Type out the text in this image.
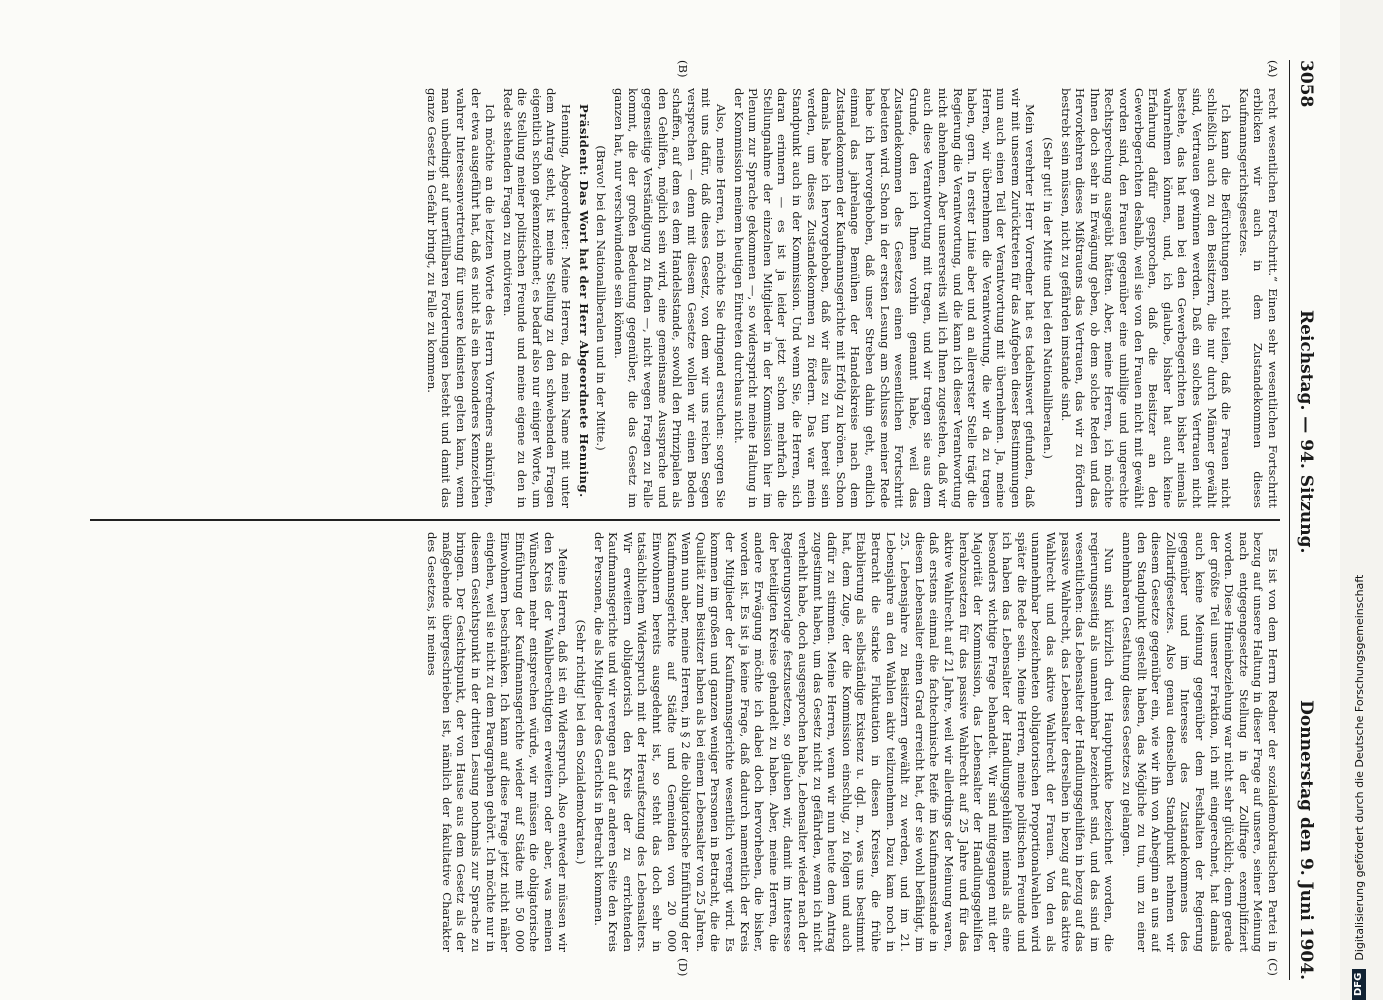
3058
Reichstag. — 94. Sitzung.
Donnerstag den 9. Juni 1904.
(A)
(B)
(C)
(D)

recht wesentlichen Fortschritt.“ Einen sehr wesentlichen Fortschritt erblicken wir auch in dem Zustandekommen dieses Kaufmannsgerichtsgesetzes.

Ich kann die Befürchtungen nicht teilen, daß die Frauen nicht schließlich auch zu den Beisitzern, die nur durch Männer gewählt sind, Vertrauen gewinnen werden. Daß ein solches Vertrauen nicht bestehe, das hat man bei den Gewerbegerichten bisher niemals wahrnehmen können, und, ich glaube, bisher hat auch keine Erfahrung dafür gesprochen, daß die Beisitzer an den Gewerbegerichten deshalb, weil sie von den Frauen nicht mit gewählt worden sind, den Frauen gegenüber eine unbillige und ungerechte Rechtsprechung ausgeübt hätten. Aber, meine Herren, ich möchte Ihnen doch sehr in Erwägung geben, ob dem solche Reden und das Hervorkehren dieses Mißtrauens das Vertrauen, das wir zu fördern bestrebt sein müssen, nicht zu gefährden imstande sind.

(Sehr gut! in der Mitte und bei den Nationalliberalen.)

Mein verehrter Herr Vorredner hat es tadelnswert gefunden, daß wir mit unserem Zurücktreten für das Aufgeben dieser Bestimmungen nun auch einen Teil der Verantwortung mit übernehmen. Ja, meine Herren, wir übernehmen die Verantwortung, die wir da zu tragen haben, gern. In erster Linie aber und an allererster Stelle trägt die Regierung die Verantwortung, und die kann ich dieser Verantwortung nicht abnehmen. Aber unsererseits will ich Ihnen zugestehen, daß wir auch diese Verantwortung mit tragen, und wir tragen sie aus dem Grunde, den ich Ihnen vorhin genannt habe, weil das Zustandekommen des Gesetzes einen wesentlichen Fortschritt bedeuten wird. Schon in der ersten Lesung am Schlusse meiner Rede habe ich hervorgehoben, daß unser Streben dahin geht, endlich einmal das jahrelange Bemühen der Handelskreise nach dem Zustandekommen der Kaufmannsgerichte mit Erfolg zu krönen. Schon damals habe ich hervorgehoben, daß wir alles zu tun bereit sein werden, um dieses Zustandekommen zu fördern. Das war mein Standpunkt auch in der Kommission. Und wenn Sie, die Herren, sich daran erinnern — es ist ja leider jetzt schon mehrfach die Stellungnahme der einzelnen Mitglieder in der Kommission hier im Plenum zur Sprache gekommen —, so widerspricht meine Haltung in der Kommission meinem heutigen Eintreten durchaus nicht.

Also, meine Herren, ich möchte Sie dringend ersuchen: sorgen Sie mit uns dafür, daß dieses Gesetz, von dem wir uns reichen Segen versprechen — denn mit diesem Gesetze wollen wir einen Boden schaffen, auf dem es dem Handelsstande, sowohl den Prinzipalen als den Gehilfen, möglich sein wird, eine gemeinsame Aussprache und gegenseitige Verständigung zu finden —, nicht wegen Fragen zu Falle kommt, die der großen Bedeutung gegenüber, die das Gesetz im ganzen hat, nur verschwindende sein können.

(Bravo! bei den Nationalliberalen und in der Mitte.)

Präsident: Das Wort hat der Herr Abgeordnete Henning.

Henning, Abgeordneter: Meine Herren, da mein Name mit unter dem Antrag steht, ist meine Stellung zu den schwebenden Fragen eigentlich schon gekennzeichnet; es bedarf also nur einiger Worte, um die Stellung meiner politischen Freunde und meine eigene zu den in Rede stehenden Fragen zu motivieren.

Ich möchte an die letzten Worte des Herrn Vorredners anknüpfen, der etwa ausgeführt hat, daß es nicht als ein besonderes Kennzeichen wahrer Interessenvertretung für unsere kleinsten gelten kann, wenn man unbedingt auf unerfüllbaren Forderungen besteht und damit das ganze Gesetz in Gefahr bringt, zu Falle zu kommen.

Es ist von dem Herrn Redner der sozialdemokratischen Partei in bezug auf unsere Haltung in dieser Frage auf unsere, seiner Meinung nach entgegengesetzte Stellung in der Zollfrage exemplifiziert worden. Diese Hineinbeziehung war nicht sehr glücklich; denn gerade der größte Teil unserer Fraktion, ich mit eingerechnet, hat damals auch keine Meinung gegenüber dem Festhalten der Regierung gegenüber und im Interesse des Zustandekommens des Zolltarifgesetzes. Also genau denselben Standpunkt nehmen wir diesem Gesetze gegenüber ein, wie wir ihn von Anbeginn an uns auf den Standpunkt gestellt haben, das Mögliche zu tun, um zu einer annehmbaren Gestaltung dieses Gesetzes zu gelangen.

Nun sind kürzlich drei Hauptpunkte bezeichnet worden, die regierungsseitig als unannehmbar bezeichnet sind, und das sind im wesentlichen: das Lebensalter der Handlungsgehilfen in bezug auf das passive Wahlrecht, das Lebensalter derselben in bezug auf das aktive Wahlrecht und das aktive Wahlrecht der Frauen. Von den als unannehmbar bezeichneten obligatorischen Proportionalwahlen wird später die Rede sein. Meine Herren, meine politischen Freunde und ich haben das Lebensalter der Handlungsgehilfen niemals als eine besonders wichtige Frage behandelt. Wir sind mitgegangen mit der Majorität der Kommission, das Lebensalter der Handlungsgehilfen herabzusetzen für das passive Wahlrecht auf 25 Jahre und für das aktive Wahlrecht auf 21 Jahre, weil wir allerdings der Meinung waren, daß erstens einmal die fachtechnische Reife im Kaufmannsstande in diesem Lebensalter einen Grad erreicht hat, der sie wohl befähigt, im 25. Lebensjahre zu Beisitzern gewählt zu werden, und im 21. Lebensjahre an den Wahlen aktiv teilzunehmen. Dazu kam noch in Betracht die starke Fluktuation in diesen Kreisen, die frühe Etablierung als selbständige Existenz u. dgl. m., was uns bestimmt hat, dem Zuge, der die Kommission einschlug, zu folgen und auch dafür zu stimmen. Meine Herren, wenn wir nun heute dem Antrag zugestimmt haben, um das Gesetz nicht zu gefährden, wenn ich nicht verhehlt habe, doch ausgesprochen habe, Lebensalter wieder nach der Regierungsvorlage festzusetzen, so glauben wir, damit im Interesse der beteiligten Kreise gehandelt zu haben. Aber, meine Herren, die andere Erwägung möchte ich dabei doch hervorheben, die bisher, worden ist. Es ist ja keine Frage, daß dadurch namentlich der Kreis der Mitglieder der Kaufmannsgerichte wesentlich verengt wird. Es kommen im großen und ganzen weniger Personen in Betracht, die die Qualität zum Beisitzer haben als bei einem Lebensalter von 25 Jahren. Wenn nun aber, meine Herren, in § 2 die obligatorische Einführung der Kaufmannsgerichte auf Städte und Gemeinden von 20 000 Einwohnern bereits ausgedehnt ist, so steht das doch sehr in tatsächlichem Widerspruch mit der Heraufsetzung des Lebensalters. Wir erweitern obligatorisch den Kreis der zu errichtenden Kaufmannsgerichte und wir verengen auf der anderen Seite den Kreis der Personen, die als Mitglieder des Gerichts in Betracht kommen.

(Sehr richtig! bei den Sozialdemokraten.)

Meine Herren, daß ist ein Widerspruch. Also entweder müssen wir den Kreis der Wahlberechtigten erweitern oder aber, was meinen Wünschen mehr entsprechen würde, wir müssen die obligatorische Einführung der Kaufmannsgerichte wieder auf Städte mit 50 000 Einwohnern beschränken. Ich kann auf diese Frage jetzt nicht näher eingehen, weil sie nicht zu dem Paragraphen gehört. Ich möchte nur in diesem Gesichtspunkt in der dritten Lesung nochmals zur Sprache zu bringen. Der Gesichtspunkt, der von Hause aus dem Gesetz als der maßgebende übergeschrieben ist, nämlich der fakultative Charakter des Gesetzes, ist meines

DFG
Digitalisierung gefördert durch die Deutsche Forschungsgemeinschaft
